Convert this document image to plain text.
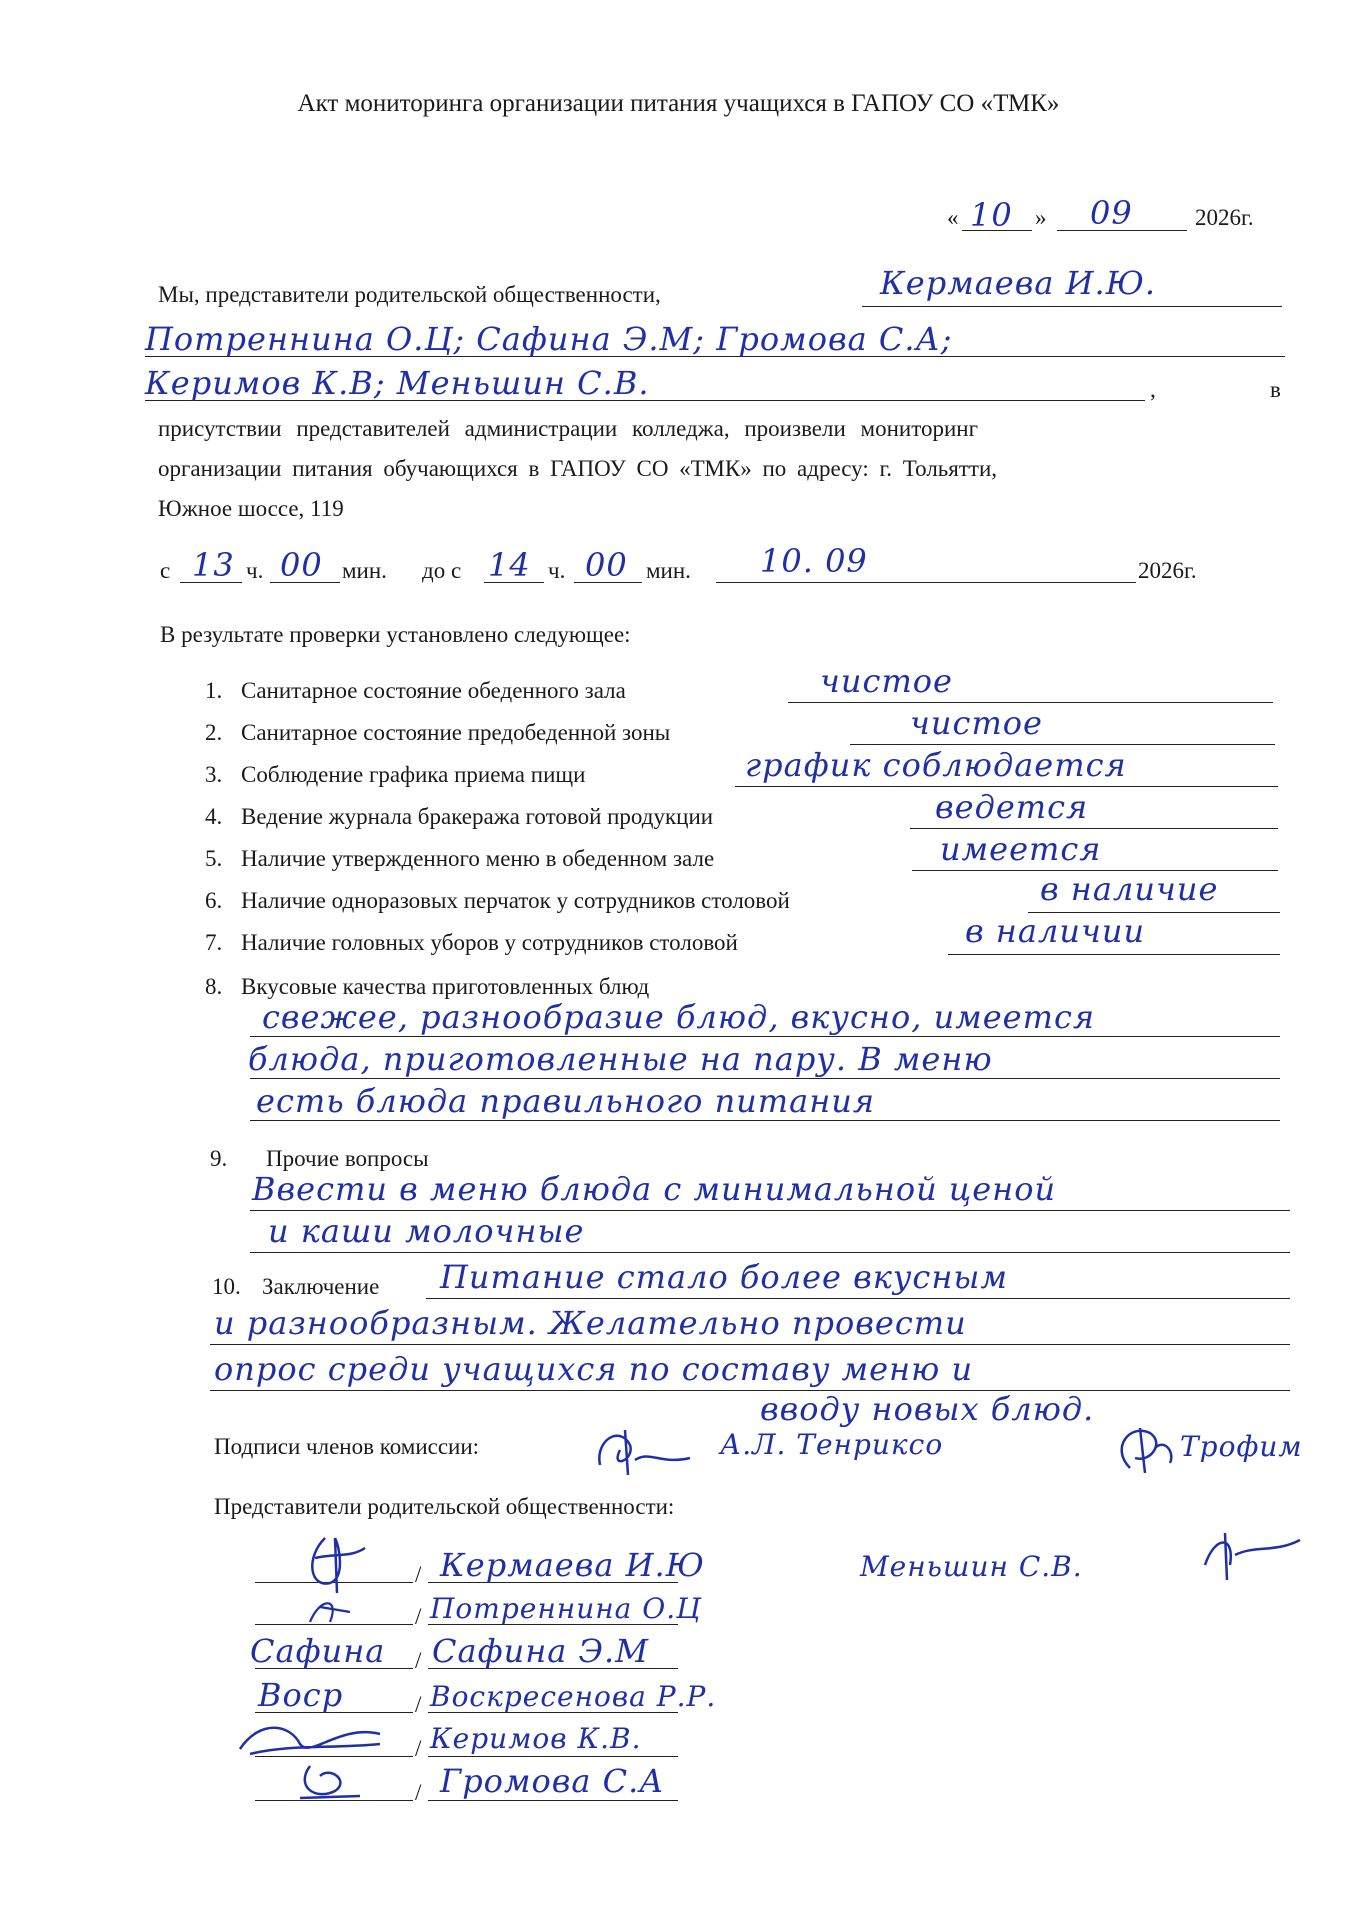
Акт мониторинга организации питания учащихся в ГАПОУ СО «ТМК»
« 10 » 09	2026г.
Мы, представители родительской общественности,	Кермаева И.Ю.
Потреннина О.Ц; Сафина Э.М; Громова С.А;
Керимов К.В; Меньшин С.В.	,	в
присутствии представителей администрации колледжа, произвели мониторинг
организации питания обучающихся в ГАПОУ СО «ТМК» по адресу: г. Тольятти,
Южное шоссе, 119
с 13 ч. 00 мин. до с 14 ч. 00 мин. 10. 09	2026г.
В результате проверки установлено следующее:
1. Санитарное состояние обеденного зала	чистое
2. Санитарное состояние предобеденной зоны	чистое
3. Соблюдение графика приема пищи	график соблюдается
4. Ведение журнала бракеража готовой продукции	ведется
5. Наличие утвержденного меню в обеденном зале	имеется
6. Наличие одноразовых перчаток у сотрудников столовой	в наличие
7. Наличие головных уборов у сотрудников столовой	в наличии
8. Вкусовые качества приготовленных блюд
свежее, разнообразие блюд, вкусно, имеется
блюда, приготовленные на пару. В меню
есть блюда правильного питания
9. Прочие вопросы
Ввести в меню блюда с минимальной ценой
и каши молочные
10. Заключение Питание стало более вкусным
и разнообразным. Желательно провести
опрос среди учащихся по составу меню и
вводу новых блюд.
Подписи членов комиссии:	А.Л. Тенриксо	Трофим
Представители родительской общественности:
/ Кермаева И.Ю	Меньшин С.В.
/ Потреннина О.Ц
Сафина / Сафина Э.М
Воср	/ Воскресенова Р.Р.
/ Керимов К.В.
/ Громова С.А
